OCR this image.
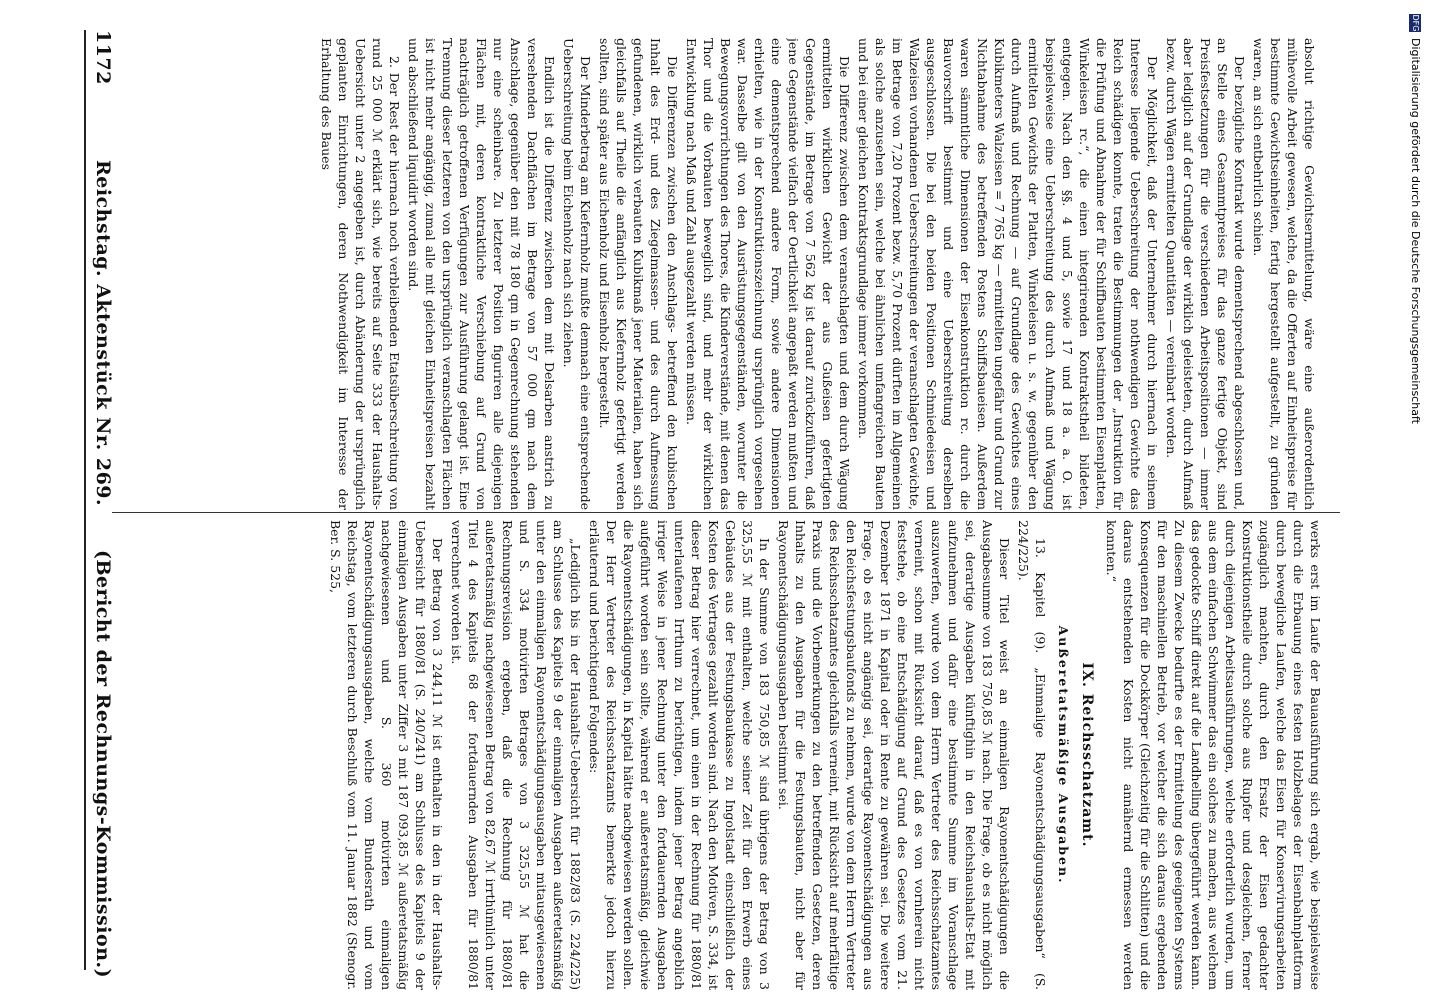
DFGDigitalisierung gefördert durch die Deutsche Forschungsgemeinschaft

absolut richtige Gewichtsermittelung, wäre eine außerordentlich mühevolle Arbeit gewesen, welche, da die Offerten auf Einheitspreise für bestimmte Gewichtseinheiten, fertig hergestellt aufgestellt, zu gründen waren, an sich entbehrlich schien.

Der bezügliche Kontrakt wurde dementsprechend abgeschlossen und, an Stelle eines Gesammtpreises für das ganze fertige Objekt, sind Preisfestsetzungen für die verschiedenen Arbeitspositionen — immer aber lediglich auf der Grundlage der wirklich geleisteten, durch Aufmaß bezw. durch Wägen ermittelten Quantitäten — vereinbart worden.

Der Möglichkeit, daß der Unternehmer durch hiernach in seinem Interesse liegende Ueberschreitung der nothwendigen Gewichte das Reich schädigen konnte, traten die Bestimmungen der „Instruktion für die Prüfung und Abnahme der für Schiffbauten bestimmten Eisenplatten, Winkeleisen rc.“, die einen integrirenden Kontraktstheil bildeten, entgegen. Nach den §§. 4 und 5, sowie 17 und 18 a. a. O. ist beispielsweise eine Ueberschreitung des durch Aufmaß und Wägung ermittelten Gewichts der Platten, Winkeleisen u. s. w. gegenüber den durch Aufmaß und Rechnung — auf Grundlage des Gewichtes eines Kubikmeters Walzeisen = 7 765 kg — ermittelten ungefähr und Grund zur Nichtabnahme des betreffenden Postens Schiffsbaueisen. Außerdem waren sämmtliche Dimensionen der Eisenkonstruktion rc. durch die Bauvorschrift bestimmt und eine Ueberschreitung derselben ausgeschlossen. Die bei den beiden Positionen Schmiedeeisen und Walzeisen vorhandenen Ueberschreitungen der veranschlagten Gewichte, im Betrage von 7,20 Prozent bezw. 5,70 Prozent dürften im Allgemeinen als solche anzusehen sein, welche bei ähnlichen umfangreichen Bauten und bei einer gleichen Kontraktsgrundlage immer vorkommen.

Die Differenz zwischen dem veranschlagten und dem durch Wägung ermittelten wirklichen Gewicht der aus Gußeisen gefertigten Gegenstände, im Betrage von 7 562 kg ist darauf zurückzuführen, daß jene Gegenstände vielfach der Oertlichkeit angepaßt werden mußten und eine dementsprechend andere Form, sowie andere Dimensionen erhielten, wie in der Konstruktionszeichnung ursprünglich vorgesehen war. Dasselbe gilt von den Ausrüstungsgegenständen, worunter die Bewegungsvorrichtungen des Thores, die Kinderverstände, mit denen das Thor und die Vorbauten beweglich sind, und mehr der wirklichen Entwicklung nach Maß und Zahl ausgezahlt werden müssen.

Die Differenzen zwischen den Anschlags- betreffend den kubischen Inhalt des Erd- und des Ziegelmassen- und des durch Aufmessung gefundenen, wirklich verbauten Kubikmaß jener Materialien, haben sich gleichfalls auf Theile die anfänglich aus Kiefernholz gefertigt werden sollten, sind später aus Eichenholz und Eisenholz hergestellt.

Der Minderbetrag am Kiefernholz mußte demnach eine entsprechende Ueberschreitung beim Eichenholz nach sich ziehen.

Endlich ist die Differenz zwischen dem mit Delsarben anstrich zu versehenden Dachflächen im Betrage von 57 000 qm nach dem Anschlage, gegenüber den mit 78 180 qm in Gegenrechnung stehenden nur eine scheinbare. Zu letzterer Position figuriren alle diejenigen Flächen mit, deren kontraktliche Verschiebung auf Grund von nachträglich getroffenen Verfügungen zur Ausführung gelangt ist. Eine Trennung dieser letzteren von den ursprünglich veranschlagten Flächen ist nicht mehr angängig, zumal alle mit gleichen Einheitspreisen bezahlt und abschließend liquidirt worden sind.

2. Der Rest der hiernach noch verbleibenden Etatsüberschreitung von rund 25 000 ℳ erklärt sich, wie bereits auf Seite 333 der Haushalts-Uebersicht unter 2 angegeben ist, durch Abänderung der ursprünglich geplanten Einrichtungen, deren Nothwendigkeit im Interesse der Erhaltung des Baues

werks erst im Laufe der Bauausführung sich ergab, wie beispielsweise durch die Erbauung eines festen Holzbelages der Eisenbahnplattform durch bewegliche Laufen, welche das Eisen für Konservirungsarbeiten zugänglich machten, durch den Ersatz der Eisen gedachter Konstruktionstheile durch solche aus Rupfer und desgleichen, ferner durch diejenigen Arbeitsausführungen, welche erforderlich wurden, um aus dem einfachen Schwimmer das ein solches zu machen, aus welchem das gedockte Schiff direkt auf die Landhelling übergeführt werden kann. Zu diesem Zwecke bedurfte es der Ermittelung des geeigneten Systems für den maschinellen Betrieb, vor welcher die sich daraus ergebenden Konsequenzen für die Dockkörper (Gleichzeitig für die Schlitten) und die daraus entstehenden Kosten nicht annähernd ermessen werden konnten.“

IX. Reichsschatzamt.
Außeretatsmäßige Ausgaben.

13. Kapitel (9). „Einmalige Rayonentschädigungsausgaben“ (S. 224/225).

Dieser Titel weist an einmaligen Rayonentschädigungen die Ausgabesumme von 183 750,85 ℳ nach. Die Frage, ob es nicht möglich sei, derartige Ausgaben künftighin in den Reichshaushalts-Etat mit aufzunehmen und dafür eine bestimmte Summe im Voranschlage auszuwerfen, wurde von dem Herrn Vertreter des Reichsschatzamtes verneint, schon mit Rücksicht darauf, daß es von vornherein nicht feststehe, ob eine Entschädigung auf Grund des Gesetzes vom 21. Dezember 1871 in Kapital oder in Rente zu gewähren sei. Die weitere Frage, ob es nicht angängig sei, derartige Rayonentschädigungen aus den Reichsfestungsbaufonds zu nehmen, wurde von dem Herrn Vertreter des Reichsschatzamtes gleichfalls verneint, mit Rücksicht auf mehrfältige Praxis und die Vorbemerkungen zu den betreffenden Gesetzen, deren Inhalts zu den Ausgaben für die Festungsbauten, nicht aber für Rayonentschädigungsausgaben bestimmt sei.

In der Summe von 183 750,85 ℳ sind übrigens der Betrag von 3 325,55 ℳ mit enthalten, welche seiner Zeit für den Erwerb eines Gebäudes aus der Festungsbaukasse zu Ingolstadt einschließlich der Kosten des Vertrages gezahlt worden sind. Nach den Motiven, S. 334, ist dieser Betrag hier verrechnet, um einen in der Rechnung für 1880/81 unterlaufenen Irrthum zu berichtigen, indem jener Betrag angeblich irriger Weise in jener Rechnung unter den fortdauernden Ausgaben aufgeführt worden sein sollte, während er außeretatsmäßig, gleichwie die Rayonentschädigungen, in Kapital hätte nachgewiesen werden sollen. Der Herr Vertreter des Reichsschatzamts bemerkte jedoch hierzu erläuternd und berichtigend Folgendes:

„Lediglich bis in der Haushalts-Uebersicht für 1882/83 (S. 224/225) am Schlusse des Kapitels 9 der einmaligen Ausgaben außeretatsmäßig unter den einmaligen Rayonentschädigungsausgaben mitausgewiesenen und S. 334 motivirten Betrages von 3 325,55 ℳ hat die Rechnungsrevision ergeben, daß die Rechnung für 1880/81 außeretatsmäßig nachgewiesenen Betrag von 82,67 ℳ irrthümlich unter Titel 4 des Kapitels 68 der fortdauernden Ausgaben für 1880/81 verrechnet worden ist.

Der Betrag von 3 244,11 ℳ ist enthalten in den in der Haushalts-Uebersicht für 1880/81 (S. 240/241) am Schlusse des Kapitels 9 der einmaligen Ausgaben unter Ziffer 3 mit 187 093,85 ℳ außeretatsmäßig nachgewiesenen und S. 360 motivirten einmaligen Rayonentschädigungsausgaben, welche vom Bundesrath und vom Reichstag, vom letzteren durch Beschluß vom 11. Januar 1882 (Stenogr. Ber. S. 525,

1172
Reichstag. Aktenstück Nr. 269.
(Bericht der Rechnungs-Kommission.)
